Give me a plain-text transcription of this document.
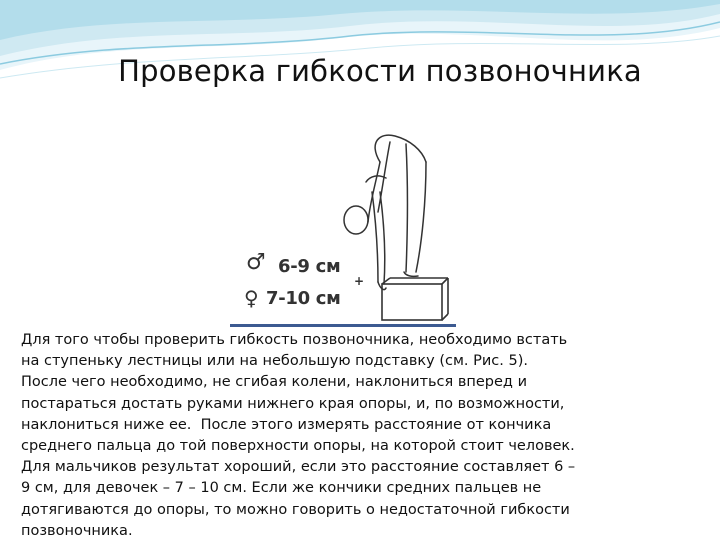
Проверка гибкости позвоночника
♂ 6-9 см
♀ 7-10 см
+

Для того чтобы проверить гибкость позвоночника, необходимо встать
на ступеньку лестницы или на небольшую подставку (см. Рис. 5).
После чего необходимо, не сгибая колени, наклониться вперед и
постараться достать руками нижнего края опоры, и, по возможности,
наклониться ниже ее.  После этого измерять расстояние от кончика
среднего пальца до той поверхности опоры, на которой стоит человек.
Для мальчиков результат хороший, если это расстояние составляет 6 –
9 см, для девочек – 7 – 10 см. Если же кончики средних пальцев не
дотягиваются до опоры, то можно говорить о недостаточной гибкости
позвоночника.
